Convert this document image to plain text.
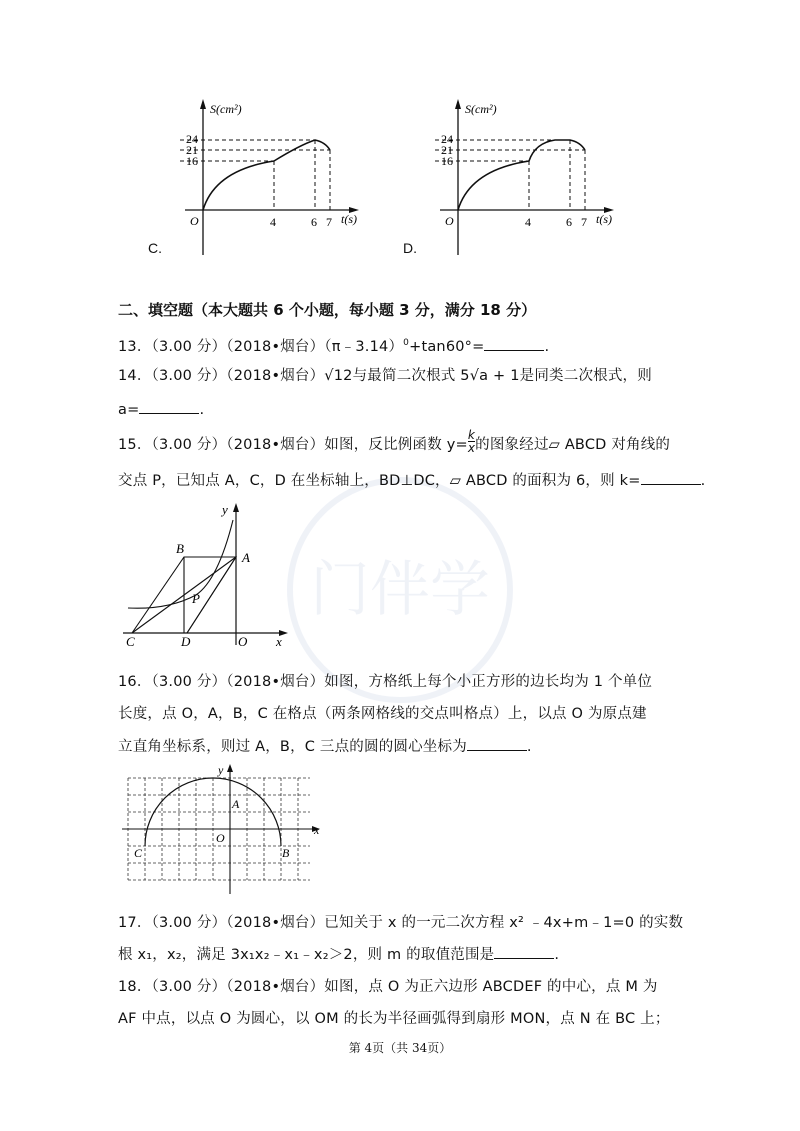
门伴学
S(cm²)
24
21
16
4	6 7 t(s)
O
C.
S(cm²)
24
21
16
4	6 7 t(s)
O
D.
二、填空题（本大题共 6 个小题，每小题 3 分，满分 18 分）
13．（3.00 分）（2018•烟台）（π﹣3.14）$^0$+tan60°=	.
14．（3.00 分）（2018•烟台）√12与最简二次根式 5√a + 1是同类二次根式，则
a=	.
15．（3.00 分）（2018•烟台）如图，反比例函数 $y= \frac{k}{x}$ 的图象经过▱ ABCD 对角线的
交点 P，已知点 A，C，D 在坐标轴上，BD⊥DC，▱ ABCD 的面积为 6，则 k=	.
y
B
A
P
C	D	O x
16．（3.00 分）（2018•烟台）如图，方格纸上每个小正方形的边长均为 1 个单位
长度，点 O，A，B，C 在格点（两条网格线的交点叫格点）上，以点 O 为原点建
立直角坐标系，则过 A，B，C 三点的圆的圆心坐标为	.
y
A
O
x
C	B
17．（3.00 分）（2018•烟台）已知关于 x 的一元二次方程 x² ﹣4x+m﹣1=0 的实数
根 x₁，x₂，满足 3x₁x₂﹣x₁﹣x₂＞2，则 m 的取值范围是	.
18．（3.00 分）（2018•烟台）如图，点 O 为正六边形 ABCDEF 的中心，点 M 为
AF 中点，以点 O 为圆心，以 OM 的长为半径画弧得到扇形 MON，点 N 在 BC 上；
第 4页（共 34页）
